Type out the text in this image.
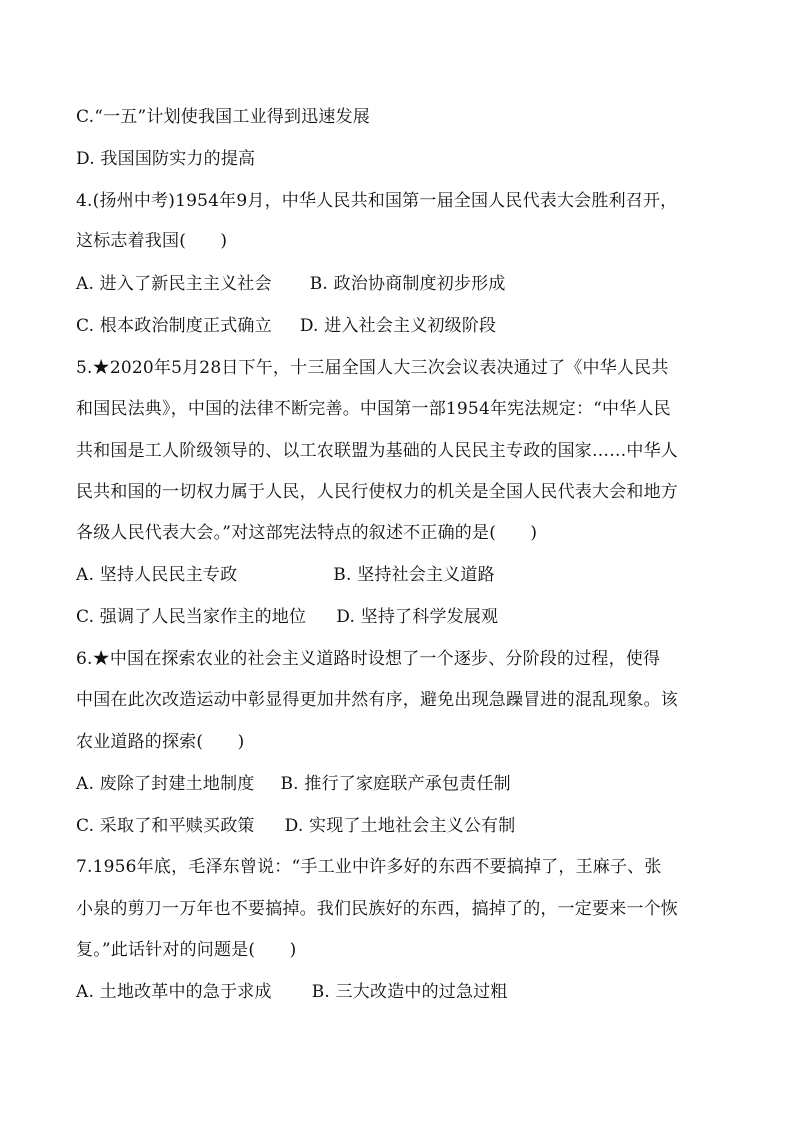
C.“一五”计划使我国工业得到迅速发展
D. 我国国防实力的提高
4.(扬州中考)1954年9月，中华人民共和国第一届全国人民代表大会胜利召开，
这标志着我国(　　)
A. 进入了新民主主义社会 B. 政治协商制度初步形成
C. 根本政治制度正式确立 D. 进入社会主义初级阶段
5.★2020年5月28日下午，十三届全国人大三次会议表决通过了《中华人民共
和国民法典》，中国的法律不断完善。中国第一部1954年宪法规定：“中华人民
共和国是工人阶级领导的、以工农联盟为基础的人民民主专政的国家……中华人
民共和国的一切权力属于人民，人民行使权力的机关是全国人民代表大会和地方
各级人民代表大会。”对这部宪法特点的叙述不正确的是(　　)
A. 坚持人民民主专政	B. 坚持社会主义道路
C. 强调了人民当家作主的地位 D. 坚持了科学发展观
6.★中国在探索农业的社会主义道路时设想了一个逐步、分阶段的过程，使得
中国在此次改造运动中彰显得更加井然有序，避免出现急躁冒进的混乱现象。该
农业道路的探索(　　)
A. 废除了封建土地制度 B. 推行了家庭联产承包责任制
C. 采取了和平赎买政策 D. 实现了土地社会主义公有制
7.1956年底，毛泽东曾说：“手工业中许多好的东西不要搞掉了，王麻子、张
小泉的剪刀一万年也不要搞掉。我们民族好的东西，搞掉了的，一定要来一个恢
复。”此话针对的问题是(　　)
A. 土地改革中的急于求成 B. 三大改造中的过急过粗
